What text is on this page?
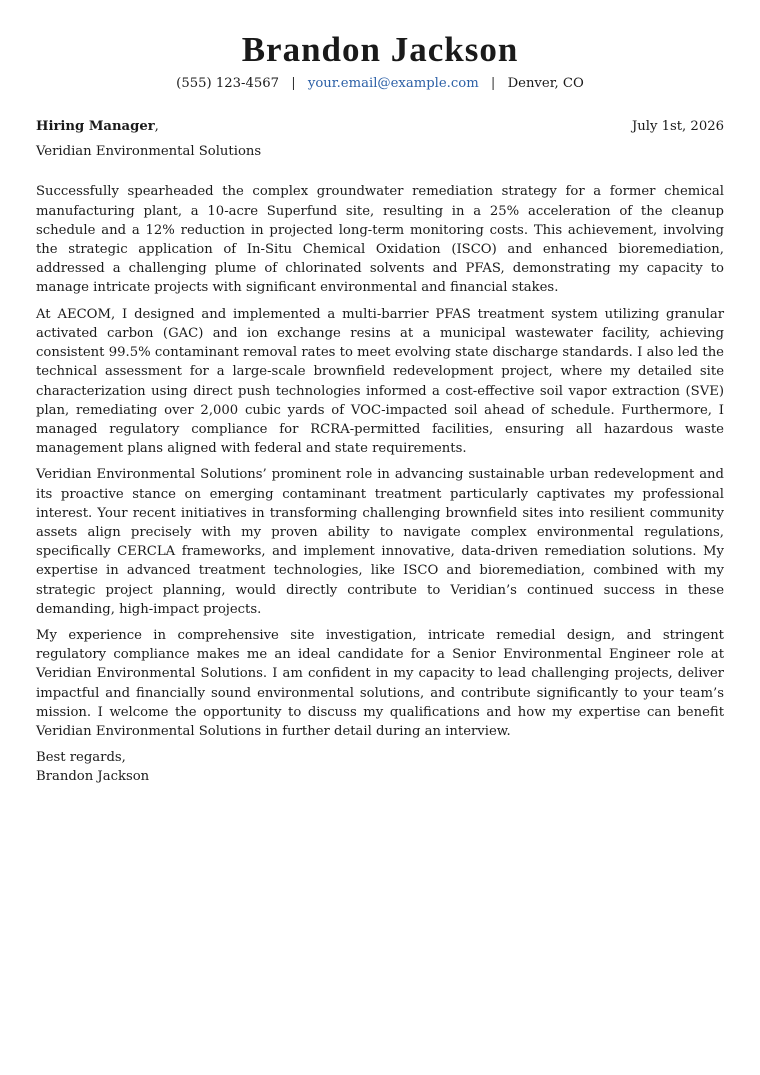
Brandon Jackson
(555) 123-4567 | your.email@example.com | Denver, CO
Hiring Manager,	July 1st, 2026
Veridian Environmental Solutions

Successfully spearheaded the complex groundwater remediation strategy for a former chemical manufacturing plant, a 10-acre Superfund site, resulting in a 25% acceleration of the cleanup schedule and a 12% reduction in projected long-term monitoring costs. This achievement, involving the strategic application of In-Situ Chemical Oxidation (ISCO) and enhanced bioremediation, addressed a challenging plume of chlorinated solvents and PFAS, demonstrating my capacity to manage intricate projects with significant environmental and financial stakes.

At AECOM, I designed and implemented a multi-barrier PFAS treatment system utilizing granular activated carbon (GAC) and ion exchange resins at a municipal wastewater facility, achieving consistent 99.5% contaminant removal rates to meet evolving state discharge standards. I also led the technical assessment for a large-scale brownfield redevelopment project, where my detailed site characterization using direct push technologies informed a cost-effective soil vapor extraction (SVE) plan, remediating over 2,000 cubic yards of VOC-impacted soil ahead of schedule. Furthermore, I managed regulatory compliance for RCRA-permitted facilities, ensuring all hazardous waste management plans aligned with federal and state requirements.

Veridian Environmental Solutions’ prominent role in advancing sustainable urban redevelopment and its proactive stance on emerging contaminant treatment particularly captivates my professional interest. Your recent initiatives in transforming challenging brownfield sites into resilient community assets align precisely with my proven ability to navigate complex environmental regulations, specifically CERCLA frameworks, and implement innovative, data-driven remediation solutions. My expertise in advanced treatment technologies, like ISCO and bioremediation, combined with my strategic project planning, would directly contribute to Veridian’s continued success in these demanding, high-impact projects.

My experience in comprehensive site investigation, intricate remedial design, and stringent regulatory compliance makes me an ideal candidate for a Senior Environmental Engineer role at Veridian Environmental Solutions. I am confident in my capacity to lead challenging projects, deliver impactful and financially sound environmental solutions, and contribute significantly to your team’s mission. I welcome the opportunity to discuss my qualifications and how my expertise can benefit Veridian Environmental Solutions in further detail during an interview.

Best regards,
Brandon Jackson
